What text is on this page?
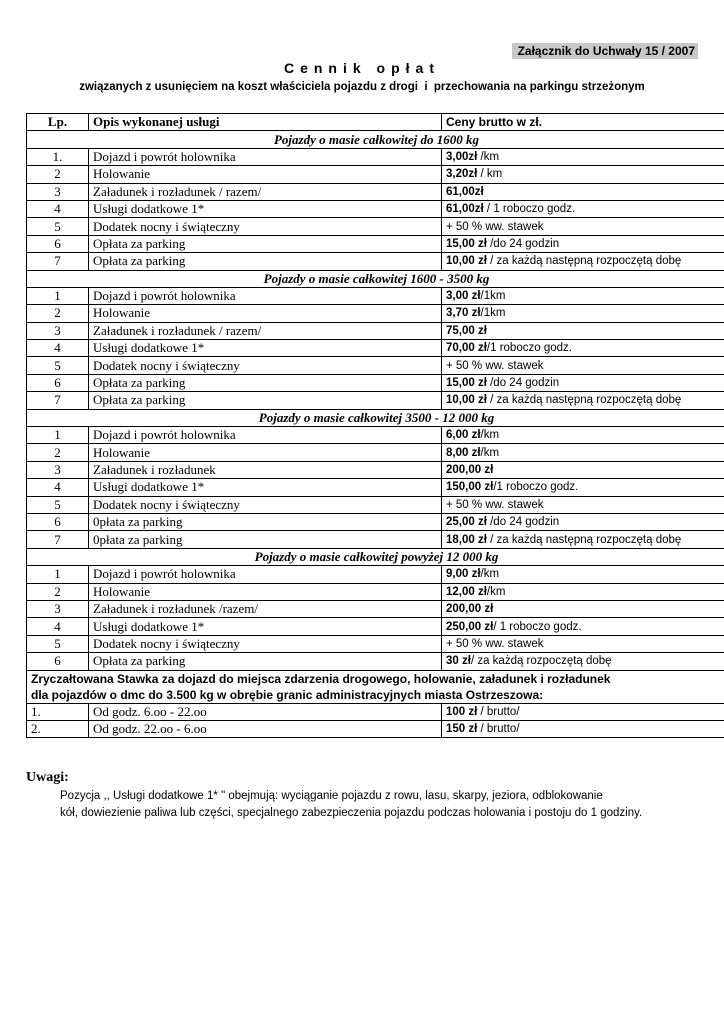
Załącznik do Uchwały 15 / 2007
Cennik opłat
związanych z usunięciem na koszt właściciela pojazdu z drogi  i  przechowania na parkingu strzeżonym
Lp.	Opis wykonanej usługi	Ceny brutto w zł.
Pojazdy o masie całkowitej do 1600 kg		
1.	Dojazd i powrót holownika	3,00zł /km
2	Holowanie	3,20zł / km
3	Załadunek i rozładunek / razem/	61,00zł
4	Usługi dodatkowe 1*	61,00zł / 1 roboczo godz.
5	Dodatek nocny i świąteczny	+ 50 % ww. stawek
6	Opłata za parking	15,00 zł /do 24 godzin
7	Opłata za parking	10,00 zł / za każdą następną rozpoczętą dobę
Pojazdy o masie całkowitej 1600 - 3500 kg		
1	Dojazd i powrót holownika	3,00 zł/1km
2	Holowanie	3,70 zł/1km
3	Załadunek i rozładunek / razem/	75,00 zł
4	Usługi dodatkowe 1*	70,00 zł/1 roboczo godz.
5	Dodatek nocny i świąteczny	+ 50 % ww. stawek
6	Opłata za parking	15,00 zł /do 24 godzin
7	Opłata za parking	10,00 zł / za każdą następną rozpoczętą dobę
Pojazdy o masie całkowitej 3500 - 12 000 kg		
1	Dojazd i powrót holownika	6,00 zł/km
2	Holowanie	8,00 zł/km
3	Załadunek i rozładunek	200,00 zł
4	Usługi dodatkowe 1*	150,00 zł/1 roboczo godz.
5	Dodatek nocny i świąteczny	+ 50 % ww. stawek
6	0płata za parking	25,00 zł /do 24 godzin
7	0płata za parking	18,00 zł / za każdą następną rozpoczętą dobę
Pojazdy o masie całkowitej powyżej 12 000 kg		
1	Dojazd i powrót holownika	9,00 zł/km
2	Holowanie	12,00 zł/km
3	Załadunek i rozładunek /razem/	200,00 zł
4	Usługi dodatkowe 1*	250,00 zł/ 1 roboczo godz.
5	Dodatek nocny i świąteczny	+ 50 % ww. stawek
6	Opłata za parking	30 zł/ za każdą rozpoczętą dobę

Zryczałtowana Stawka za dojazd do miejsca zdarzenia drogowego, holowanie, załadunek i rozładunek
dla pojazdów o dmc do 3.500 kg w obrębie granic administracyjnych miasta Ostrzeszowa:		

1.	Od godz. 6.oo - 22.oo	100 zł / brutto/
2.	Od godz. 22.oo - 6.oo	150 zł / brutto/
Uwagi:
Pozycja ,, Usługi dodatkowe 1* " obejmują: wyciąganie pojazdu z rowu, lasu, skarpy, jeziora, odblokowanie
kół, dowiezienie paliwa lub części, specjalnego zabezpieczenia pojazdu podczas holowania i postoju do 1 godziny.
